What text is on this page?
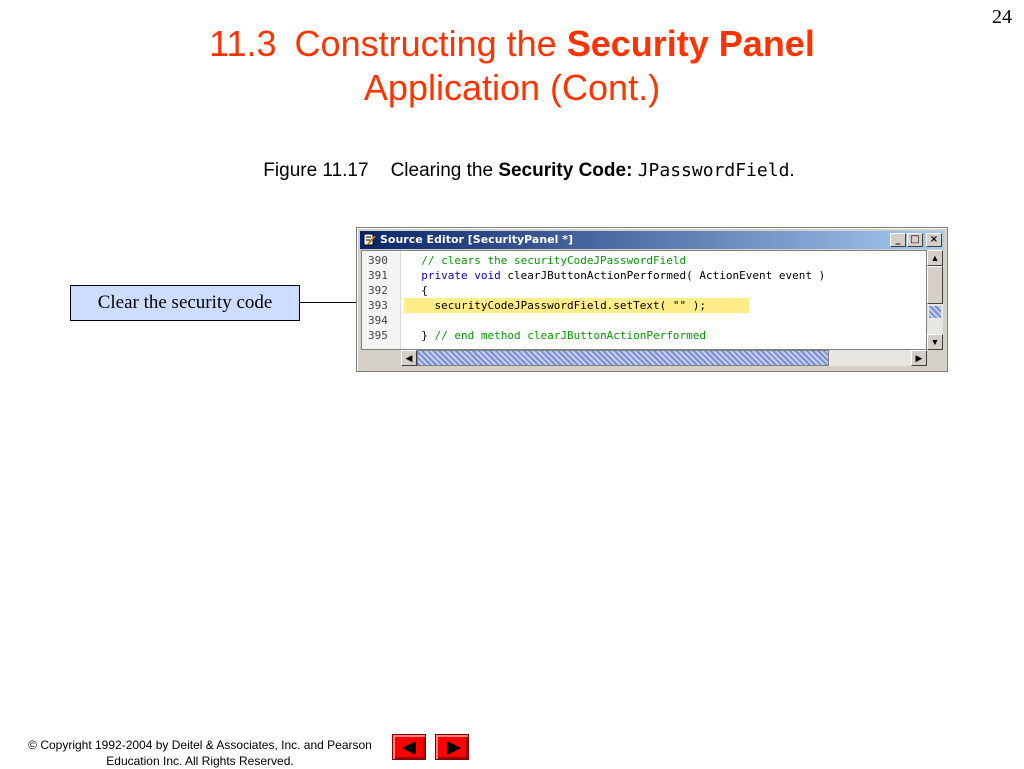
24
11.3 Constructing the Security Panel
Application (Cont.)
Figure 11.17 Clearing the Security Code: JPasswordField.
Clear the security code
Source Editor [SecurityPanel *]	_ □	×
390	// clears the securityCodeJPasswordField
391	private void clearJButtonActionPerformed( ActionEvent event )
392	{
393	securityCodeJPasswordField.setText( "" );
394
395	} // end method clearJButtonActionPerformed
▲
▼
◀	▶
© Copyright 1992-2004 by Deitel & Associates, Inc. and Pearson Education Inc. All Rights Reserved.
